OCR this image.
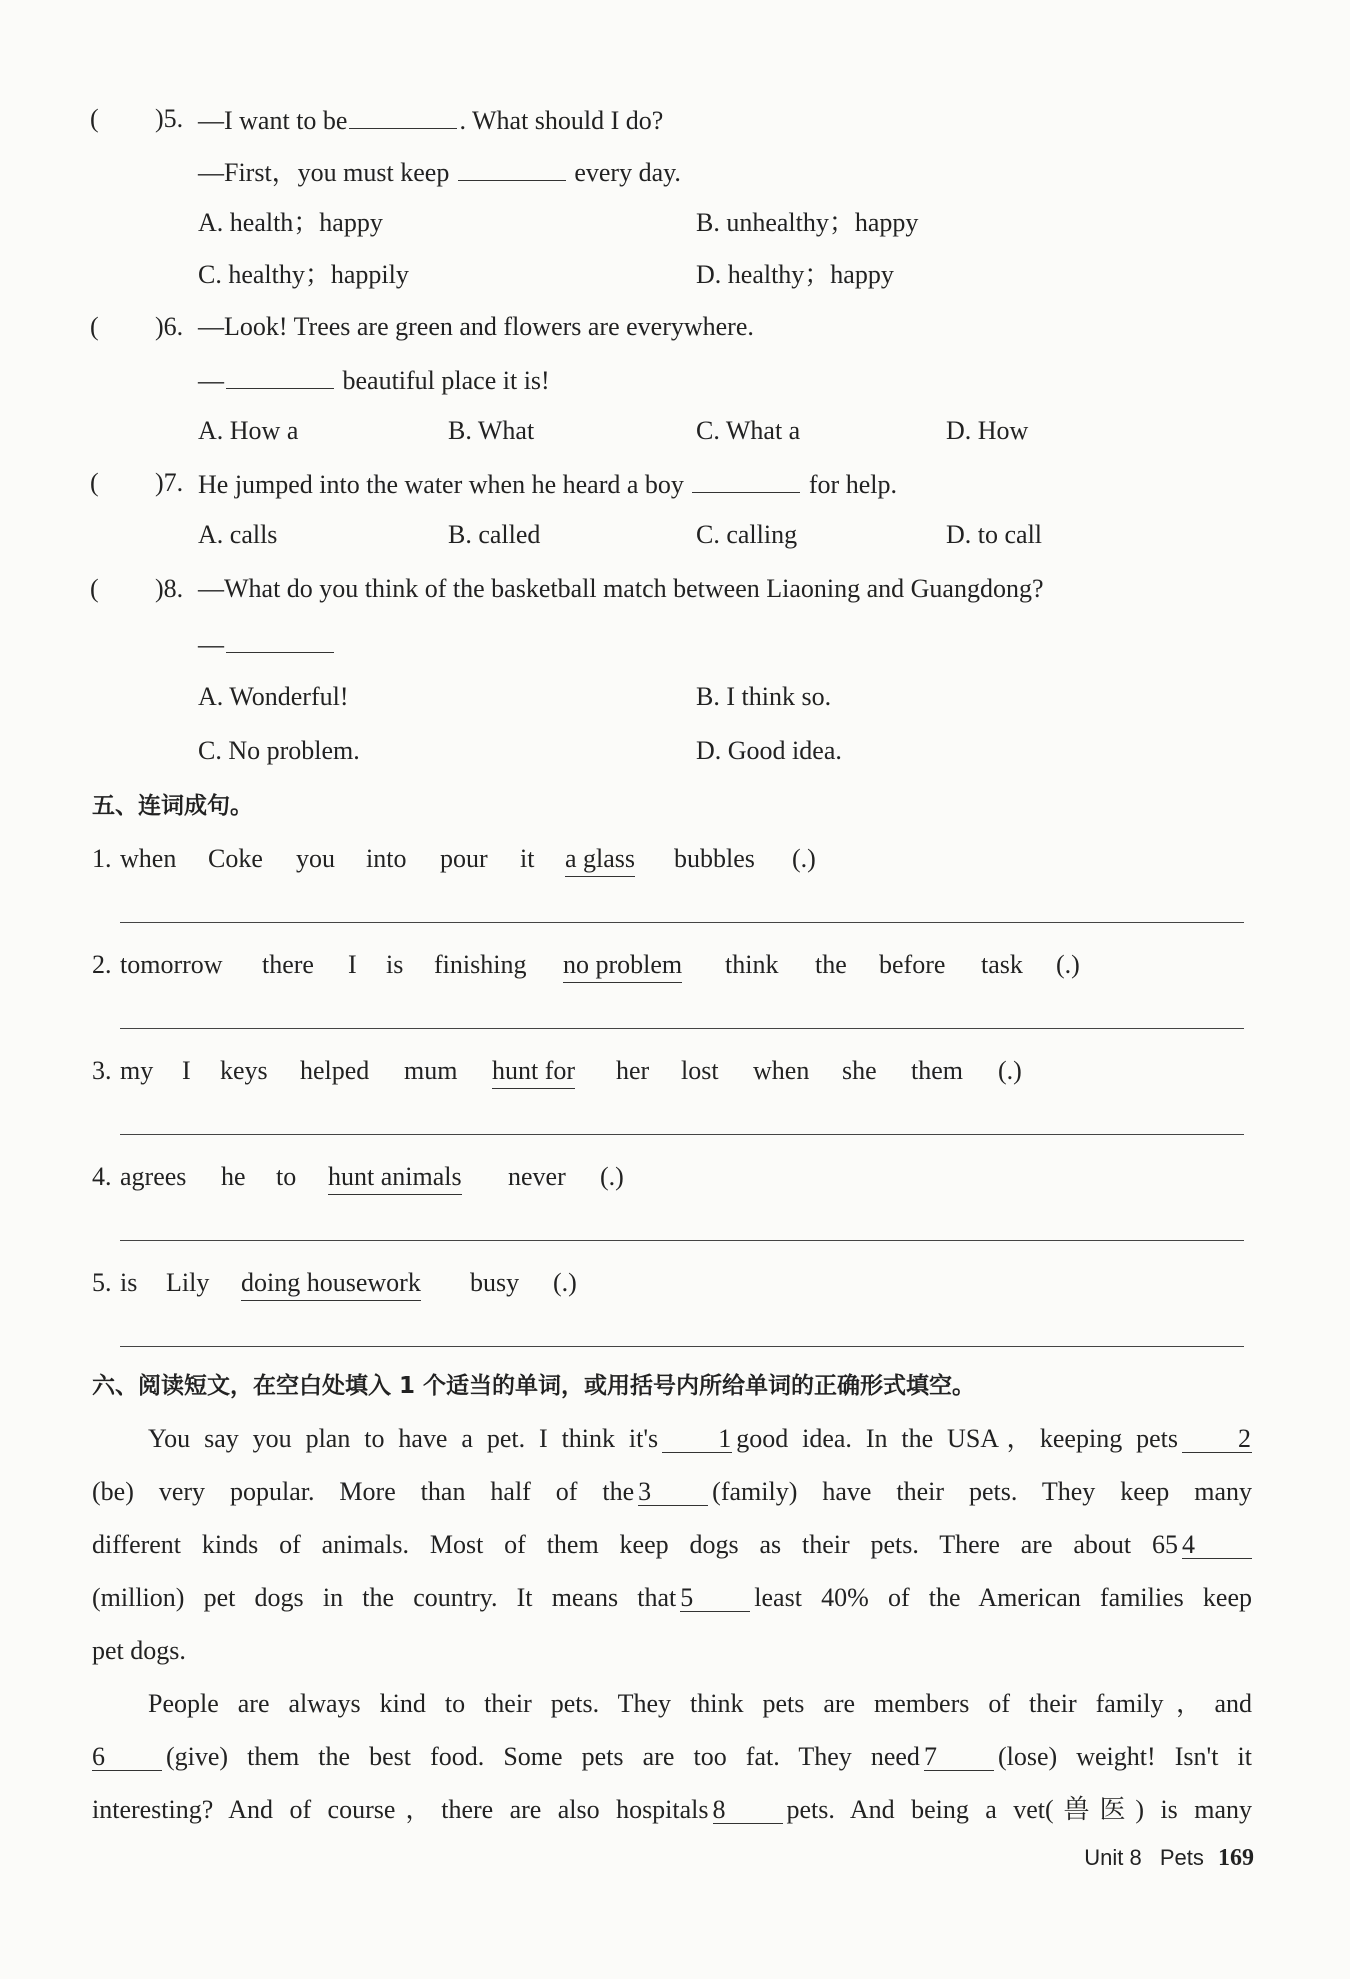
( )5. —I want to be	. What should I do?
—First，you must keep	every day.
A. health；happy	B. unhealthy；happy
C. healthy；happily	D. healthy；happy
( )6. —Look! Trees are green and flowers are everywhere.
—	beautiful place it is!
A. How a	B. What	C. What a	D. How
( )7. He jumped into the water when he heard a boy	for help.
A. calls	B. called	C. calling	D. to call
( )8. —What do you think of the basketball match between Liaoning and Guangdong?
—
A. Wonderful!	B. I think so.
C. No problem.	D. Good idea.
五、连词成句。
1. when Coke you into pour it a glass bubbles (.)
2. tomorrow there I is finishing no problem think the before task (.)
3. my I keys helped mum hunt for her lost when she them (.)
4. agrees he to hunt animals never (.)
5. is Lily doing housework busy (.)
六、阅读短文，在空白处填入 1 个适当的单词，或用括号内所给单词的正确形式填空。
You say you plan to have a pet. I think it's 1 good idea. In the USA，keeping pets 2
(be) very popular. More than half of the 3 (family) have their pets. They keep many
different kinds of animals. Most of them keep dogs as their pets. There are about 65 4
(million) pet dogs in the country. It means that 5 least 40% of the American families keep
pet dogs.
People are always kind to their pets. They think pets are members of their family，and
6 (give) them the best food. Some pets are too fat. They need 7 (lose) weight! Isn't it
interesting? And of course，there are also hospitals 8 pets. And being a vet(兽医) is many
Unit 8 Pets 169
